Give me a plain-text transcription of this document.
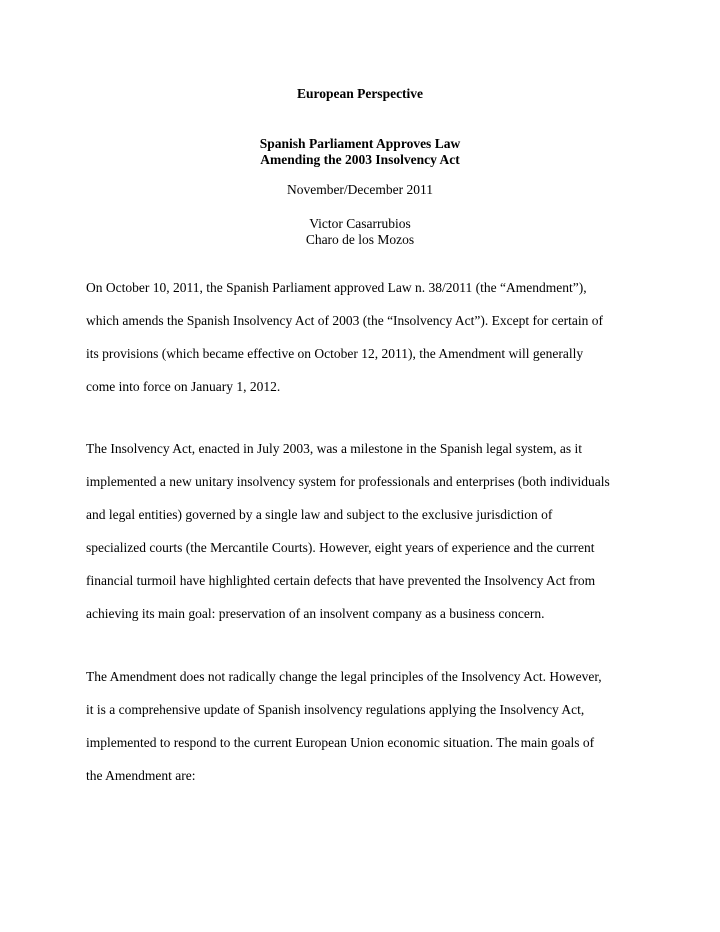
European Perspective
Spanish Parliament Approves Law
Amending the 2003 Insolvency Act
November/December 2011
Victor Casarrubios
Charo de los Mozos
On October 10, 2011, the Spanish Parliament approved Law n. 38/2011 (the “Amendment”),
which amends the Spanish Insolvency Act of 2003 (the “Insolvency Act”). Except for certain of
its provisions (which became effective on October 12, 2011), the Amendment will generally
come into force on January 1, 2012.
The Insolvency Act, enacted in July 2003, was a milestone in the Spanish legal system, as it
implemented a new unitary insolvency system for professionals and enterprises (both individuals
and legal entities) governed by a single law and subject to the exclusive jurisdiction of
specialized courts (the Mercantile Courts). However, eight years of experience and the current
financial turmoil have highlighted certain defects that have prevented the Insolvency Act from
achieving its main goal: preservation of an insolvent company as a business concern.
The Amendment does not radically change the legal principles of the Insolvency Act. However,
it is a comprehensive update of Spanish insolvency regulations applying the Insolvency Act,
implemented to respond to the current European Union economic situation. The main goals of
the Amendment are:
